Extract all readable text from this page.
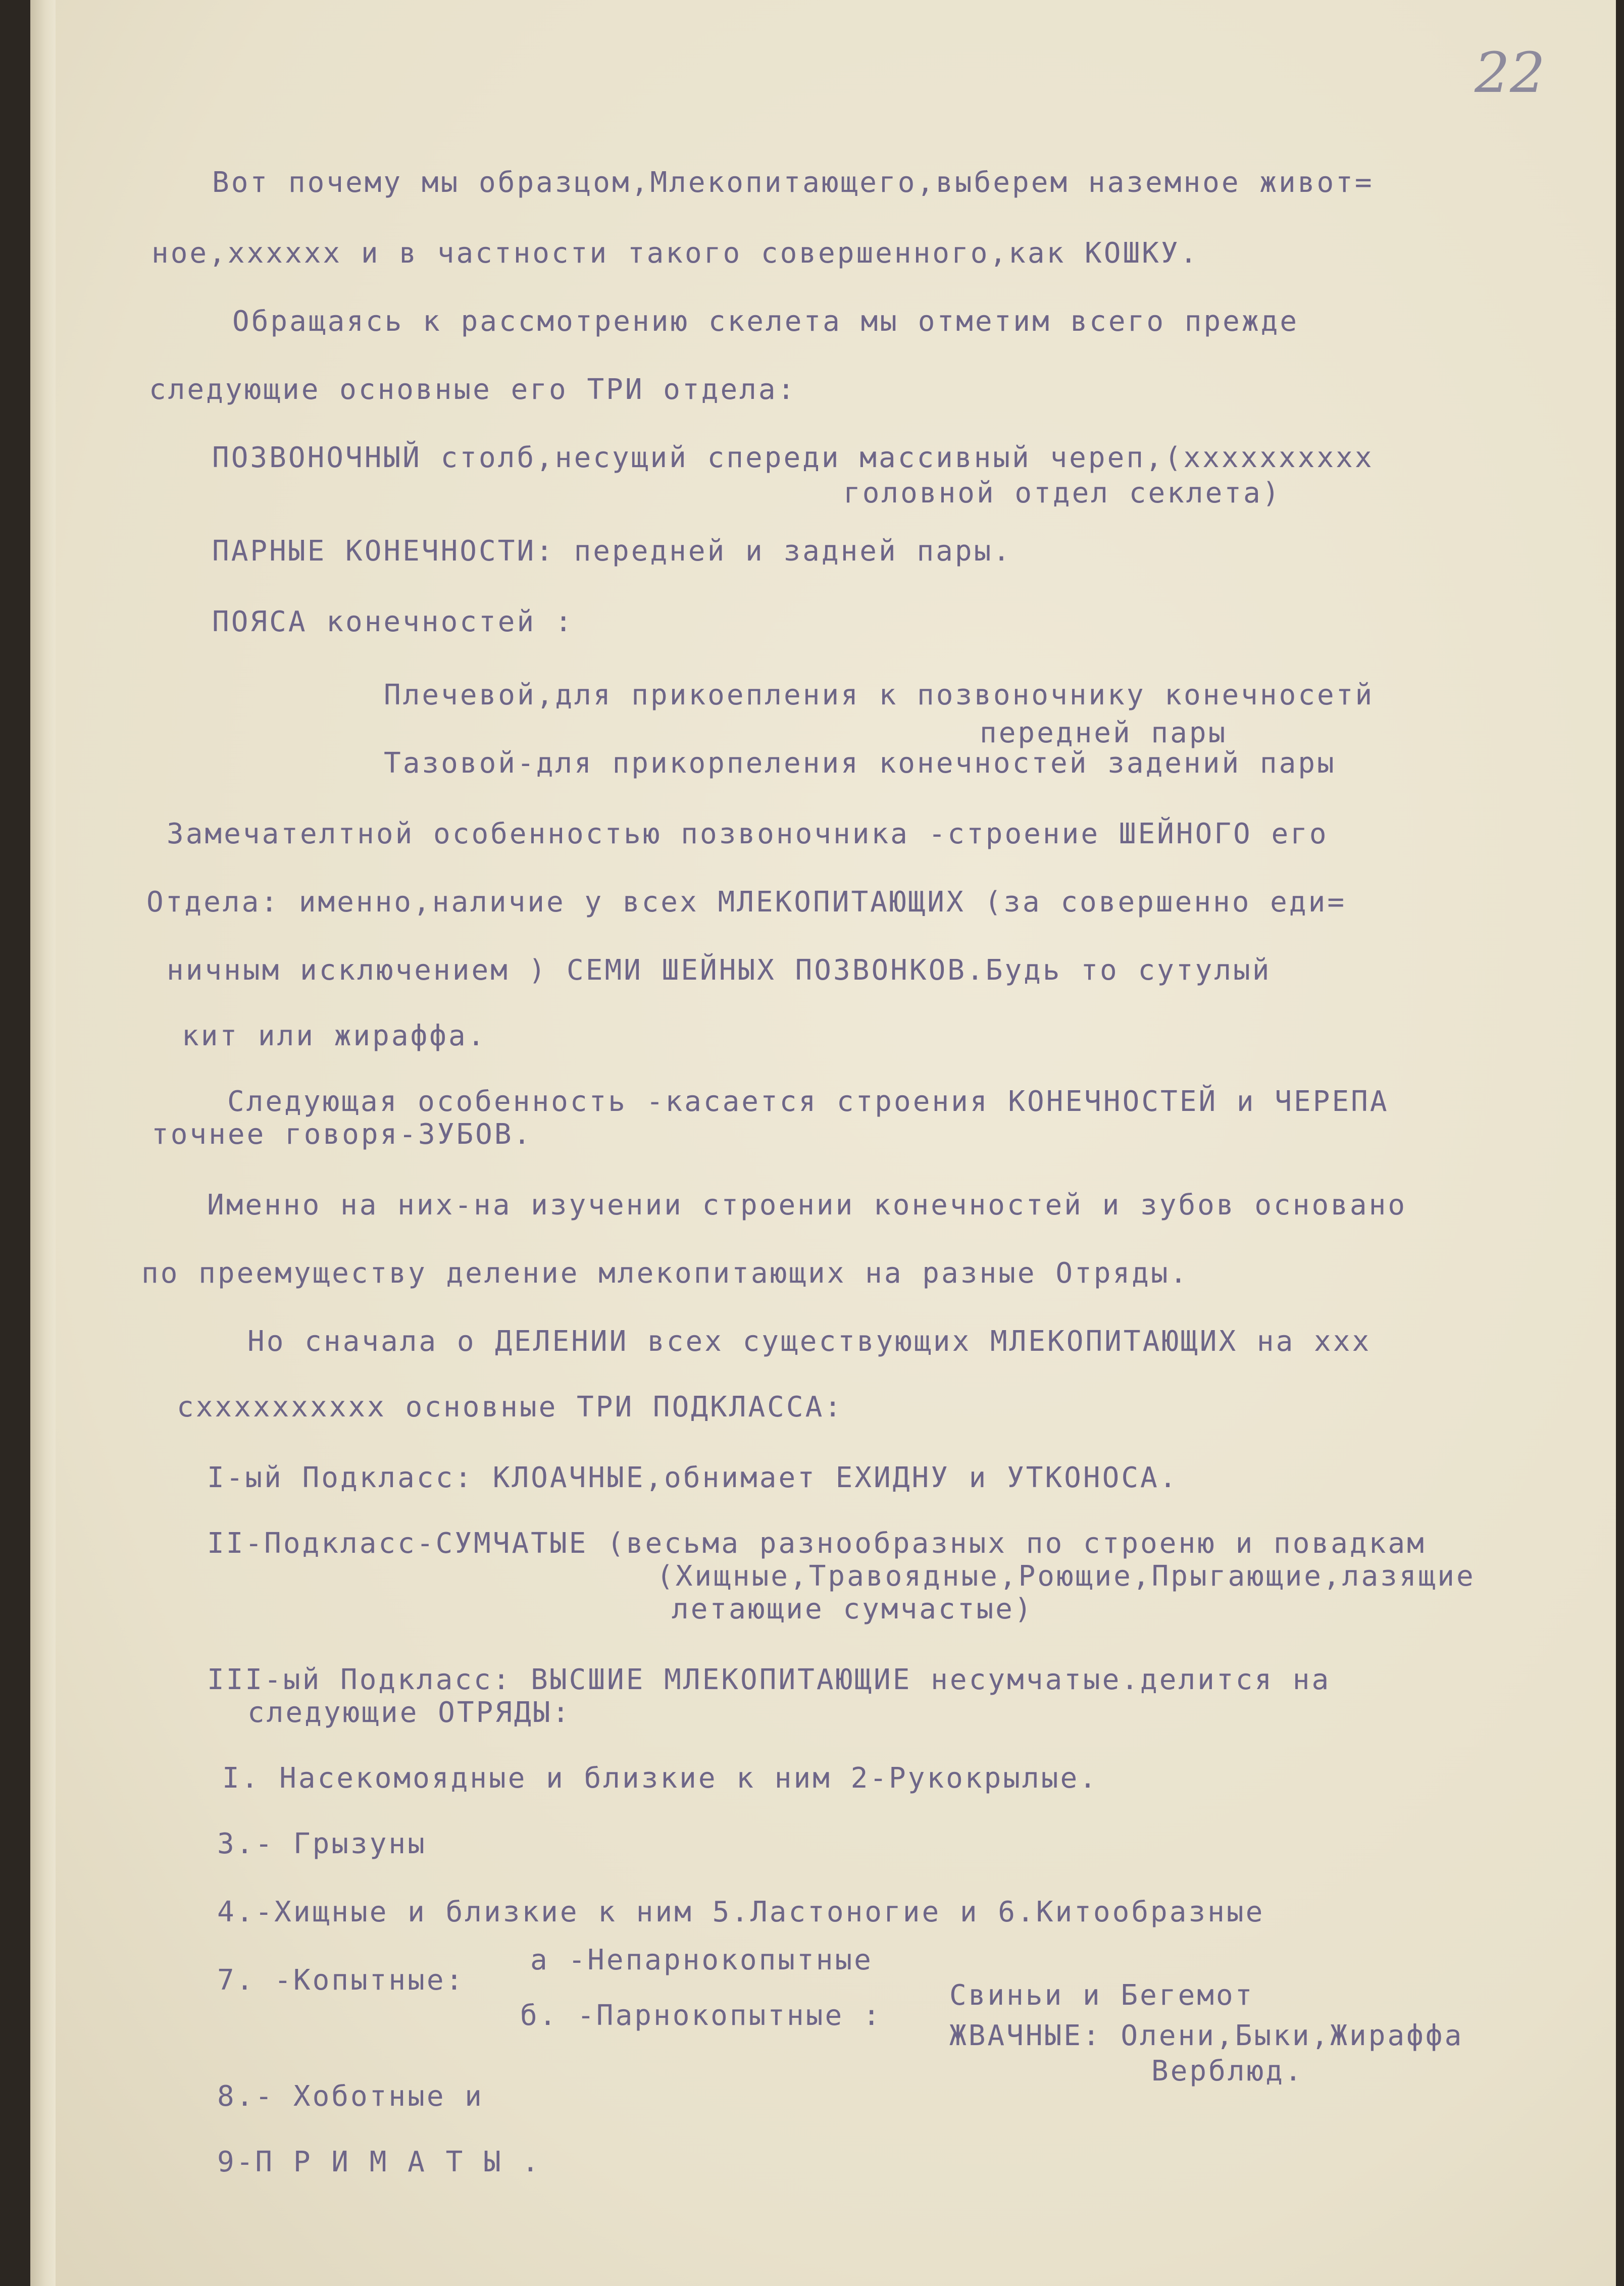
22

Вот почему мы образцом,Млекопитающего,выберем наземное живот=

ное,хххххх и в частности такого совершенного,как КОШКУ.

Обращаясь к рассмотрению скелета мы отметим всего прежде

следующие основные его ТРИ отдела:

ПОЗВОНОЧНЫЙ столб,несущий спереди массивный череп,(хххххххххх

головной отдел секлета)

ПАРНЫЕ КОНЕЧНОСТИ: передней и задней пары.

ПОЯСА конечностей :

Плечевой,для прикоепления к позвоночнику конечносетй

передней пары

Тазовой-для прикорпеления конечностей задений пары

Замечателтной особенностью позвоночника -строение ШЕЙНОГО его

Отдела: именно,наличие у всех МЛЕКОПИТАЮЩИХ (за совершенно еди=

ничным исключением ) СЕМИ ШЕЙНЫХ ПОЗВОНКОВ.Будь то сутулый

кит или жираффа.

Следующая особенность -касается строения КОНЕЧНОСТЕЙ и ЧЕРЕПА

точнее говоря-ЗУБОВ.

Именно на них-на изучении строении конечностей и зубов основано

по преемуществу деление млекопитающих на разные Отряды.

Но сначала о ДЕЛЕНИИ всех существующих МЛЕКОПИТАЮЩИХ на ххх

схххххххххх основные ТРИ ПОДКЛАССА:

I-ый Подкласс: КЛОАЧНЫЕ,обнимает ЕХИДНУ и УТКОНОСА.

II-Подкласс-СУМЧАТЫЕ (весьма разнообразных по строеню и повадкам

(Хищные,Травоядные,Роющие,Прыгающие,лазящие

летающие сумчастые)

III-ый Подкласс: ВЫСШИЕ МЛЕКОПИТАЮЩИЕ несумчатые.делится на

следующие ОТРЯДЫ:

I. Насекомоядные и близкие к ним 2-Рукокрылые.

3.- Грызуны

4.-Хищные и близкие к ним 5.Ластоногие и 6.Китообразные

а -Непарнокопытные

7. -Копытные:

б. -Парнокопытные :

Свиньи и Бегемот

ЖВАЧНЫЕ: Олени,Быки,Жираффа

Верблюд.

8.- Хоботные и

9-П Р И М А Т Ы .
